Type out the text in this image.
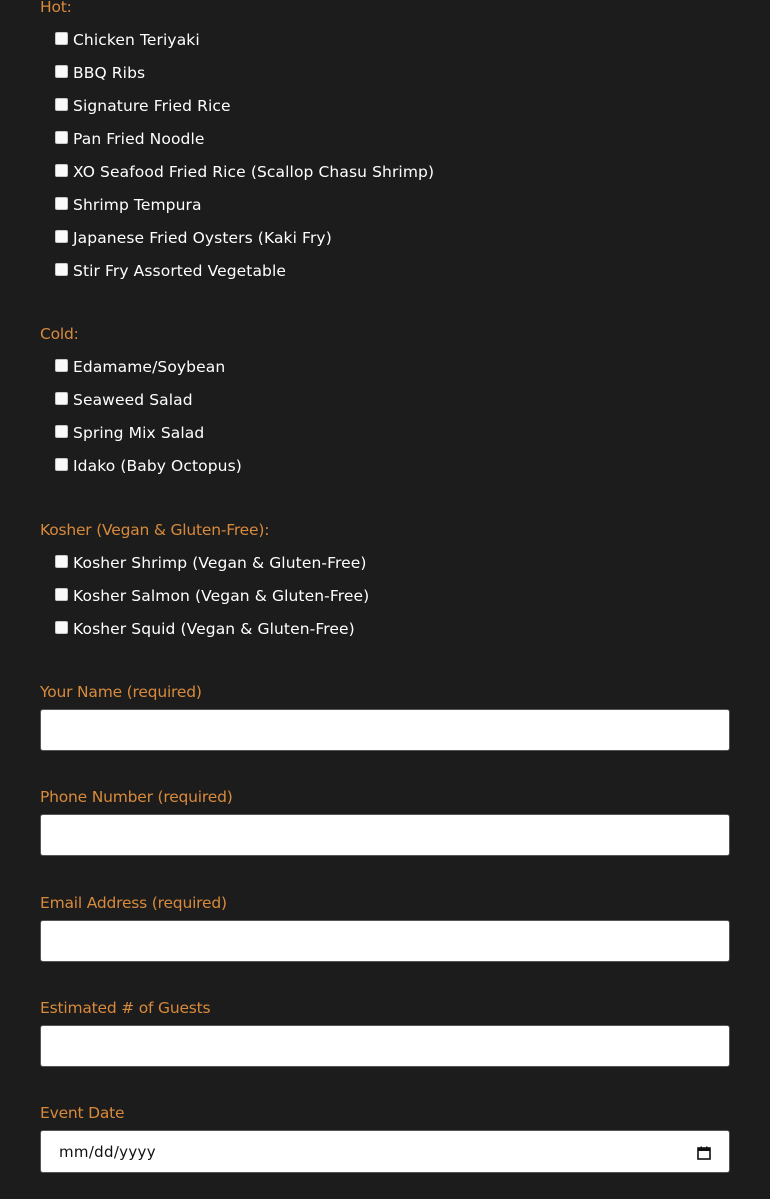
Hot:
Chicken Teriyaki
BBQ Ribs
Signature Fried Rice
Pan Fried Noodle
XO Seafood Fried Rice (Scallop Chasu Shrimp)
Shrimp Tempura
Japanese Fried Oysters (Kaki Fry)
Stir Fry Assorted Vegetable
Cold:
Edamame/Soybean
Seaweed Salad
Spring Mix Salad
Idako (Baby Octopus)
Kosher (Vegan & Gluten-Free):
Kosher Shrimp (Vegan & Gluten-Free)
Kosher Salmon (Vegan & Gluten-Free)
Kosher Squid (Vegan & Gluten-Free)
Your Name (required)
Phone Number (required)
Email Address (required)
Estimated # of Guests
Event Date
mm/dd/yyyy
